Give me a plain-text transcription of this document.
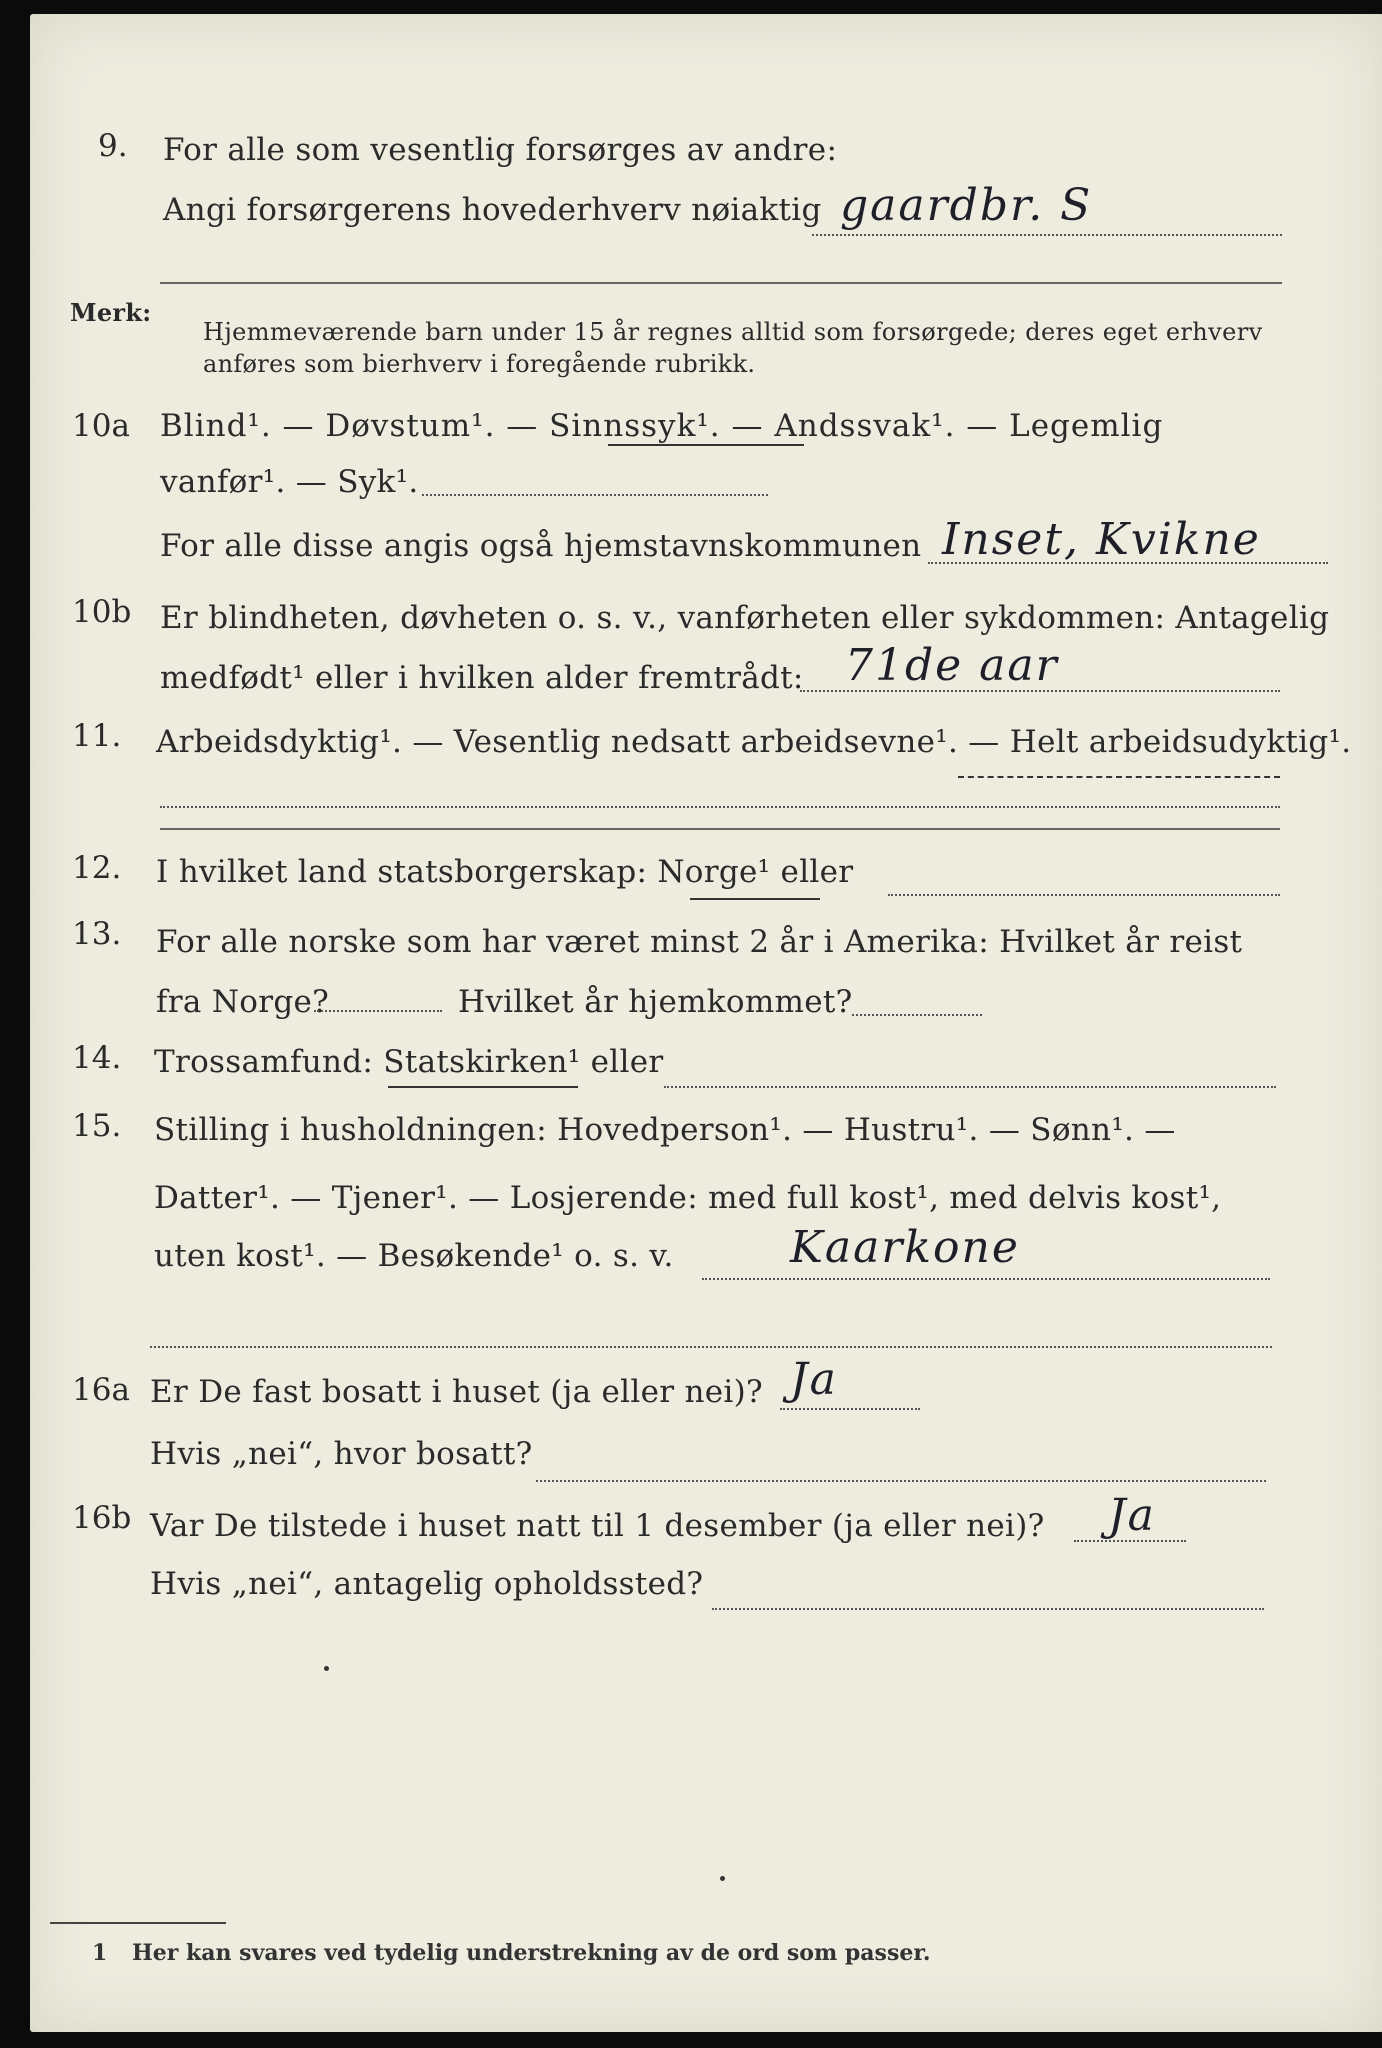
9. For alle som vesentlig forsørges av andre:
Angi forsørgerens hovederhverv nøiaktig gaardbr. S
Merk:
Hjemmeværende barn under 15 år regnes alltid som forsørgede; deres eget erhverv
anføres som bierhverv i foregående rubrikk.
10a Blind¹. — Døvstum¹. — Sinnssyk¹. — Andssvak¹. — Legemlig
vanfør¹. — Syk¹.
For alle disse angis også hjemstavnskommunen Inset, Kvikne
10b Er blindheten, døvheten o. s. v., vanførheten eller sykdommen: Antagelig
medfødt¹ eller i hvilken alder fremtrådt: 71de aar
11. Arbeidsdyktig¹. — Vesentlig nedsatt arbeidsevne¹. — Helt arbeidsudyktig¹.
12. I hvilket land statsborgerskap: Norge¹ eller
13. For alle norske som har været minst 2 år i Amerika: Hvilket år reist
fra Norge?	Hvilket år hjemkommet?
14. Trossamfund: Statskirken¹ eller
15. Stilling i husholdningen: Hovedperson¹. — Hustru¹. — Sønn¹. —
Datter¹. — Tjener¹. — Losjerende: med full kost¹, med delvis kost¹,
uten kost¹. — Besøkende¹ o. s. v.	Kaarkone
16a Er De fast bosatt i huset (ja eller nei)? Ja
Hvis „nei“, hvor bosatt?
16b Var De tilstede i huset natt til 1 desember (ja eller nei)? Ja
Hvis „nei“, antagelig opholdssted?
1 Her kan svares ved tydelig understrekning av de ord som passer.
